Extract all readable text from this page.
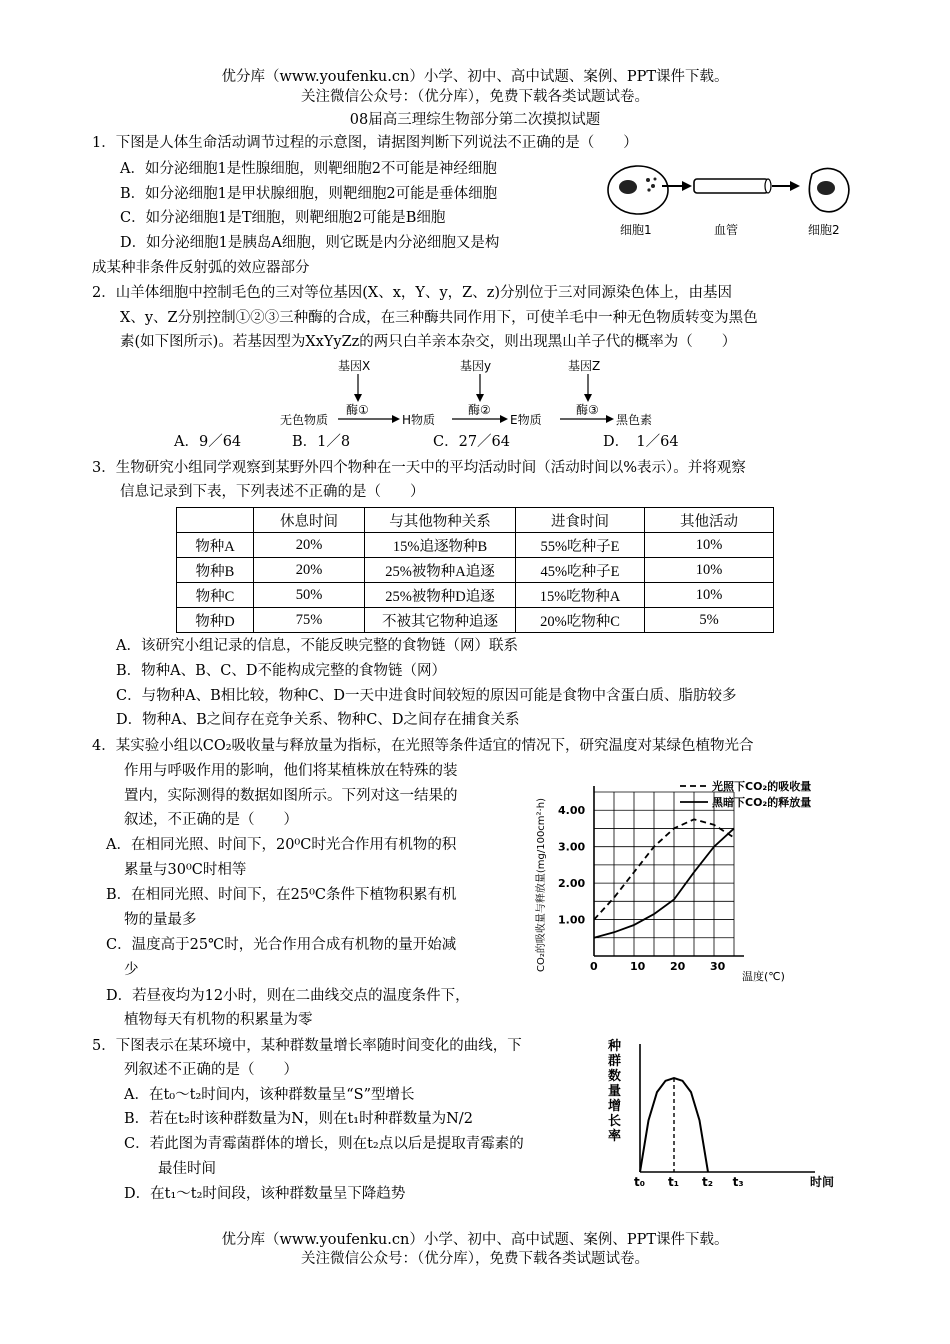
优分库（www.youfenku.cn）小学、初中、高中试题、案例、PPT课件下载。
关注微信公众号：（优分库），免费下载各类试题试卷。
08届高三理综生物部分第二次摸拟试题
1．下图是人体生命活动调节过程的示意图，请据图判断下列说法不正确的是（　　）
A．如分泌细胞1是性腺细胞，则靶细胞2不可能是神经细胞
B．如分泌细胞1是甲状腺细胞，则靶细胞2可能是垂体细胞
C．如分泌细胞1是T细胞，则靶细胞2可能是B细胞
D．如分泌细胞1是胰岛A细胞，则它既是内分泌细胞又是构
成某种非条件反射弧的效应器部分
细胞1	血管	细胞2
2．山羊体细胞中控制毛色的三对等位基因(X、x，Y、y，Z、z)分别位于三对同源染色体上，由基因
X、y、Z分别控制①②③三种酶的合成，在三种酶共同作用下，可使羊毛中一种无色物质转变为黑色
素(如下图所示)。若基因型为XxYyZz的两只白羊亲本杂交，则出现黑山羊子代的概率为（　　）
基因X	基因y	基因Z
酶①	酶②	酶③
无色物质	H物质	E物质	黑色素
A．9／64	B．1／8	C．27／64	D．　1／64
3．生物研究小组同学观察到某野外四个物种在一天中的平均活动时间（活动时间以%表示）。并将观察
信息记录到下表，下列表述不正确的是（　　）
	休息时间	与其他物种关系	进食时间	其他活动
物种A	20%	15%追逐物种B	55%吃种子E	10%
物种B	20%	25%被物种A追逐	45%吃种子E	10%
物种C	50%	25%被物种D追逐	15%吃物种A	10%
物种D	75%	不被其它物种追逐	20%吃物种C	5%
A．该研究小组记录的信息，不能反映完整的食物链（网）联系
B．物种A、B、C、D不能构成完整的食物链（网）
C．与物种A、B相比较，物种C、D一天中进食时间较短的原因可能是食物中含蛋白质、脂肪较多
D．物种A、B之间存在竞争关系、物种C、D之间存在捕食关系
4．某实验小组以CO₂吸收量与释放量为指标，在光照等条件适宜的情况下，研究温度对某绿色植物光合
作用与呼吸作用的影响，他们将某植株放在特殊的装
置内，实际测得的数据如图所示。下列对这一结果的
叙述，不正确的是（　　）
A．在相同光照、时间下，20⁰C时光合作用有机物的积
累量与30⁰C时相等
B．在相同光照、时间下，在25⁰C条件下植物积累有机
物的量最多
C．温度高于25℃时，光合作用合成有机物的量开始减
少
D．若昼夜均为12小时，则在二曲线交点的温度条件下，
植物每天有机物的积累量为零
0	10 20 30
1.00
2.00
3.00
4.00
光照下CO₂的吸收量
黑暗下CO₂的释放量
CO₂的吸收量与释放量(mg/100cm²·h)
温度(℃)
5．下图表示在某环境中，某种群数量增长率随时间变化的曲线，下
列叙述不正确的是（　　）
A．在t₀～t₂时间内，该种群数量呈“S”型增长
B．若在t₂时该种群数量为N，则在t₁时种群数量为N/2
C．若此图为青霉菌群体的增长，则在t₂点以后是提取青霉素的
最佳时间
D．在t₁～t₂时间段，该种群数量呈下降趋势
种
群
数
量
增
长
率
t₀ t₁ t₂ t₃	时间
优分库（www.youfenku.cn）小学、初中、高中试题、案例、PPT课件下载。
关注微信公众号：（优分库），免费下载各类试题试卷。
